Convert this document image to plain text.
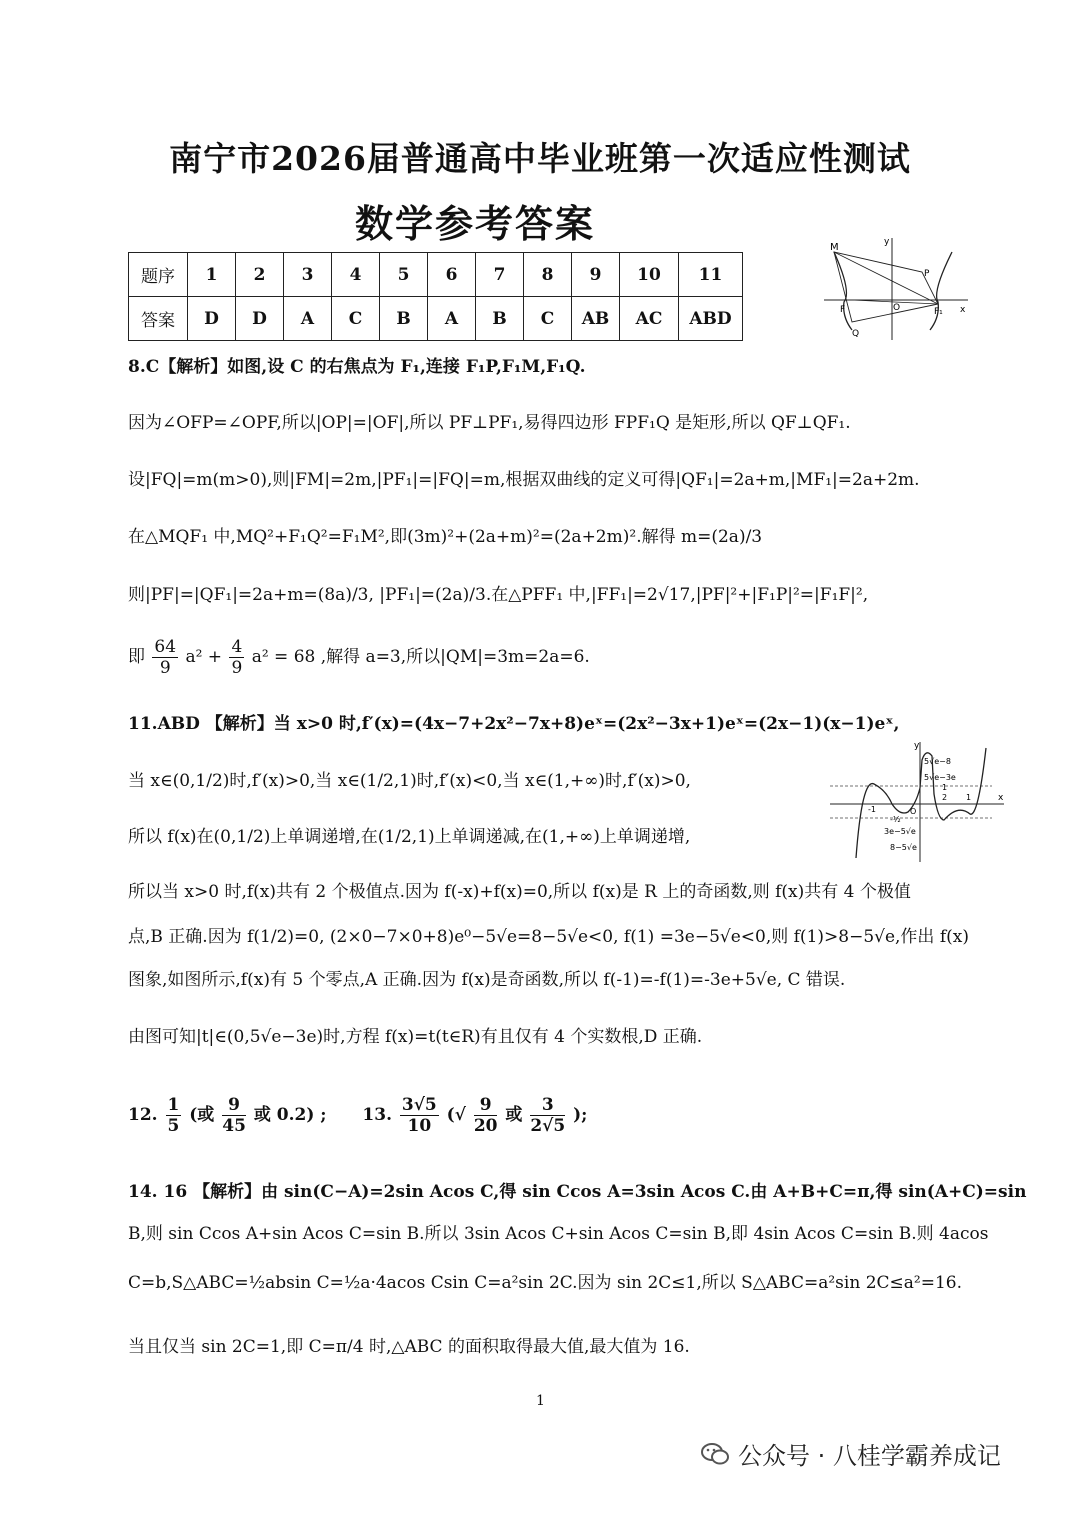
南宁市2026届普通高中毕业班第一次适应性测试
数学参考答案
题序	1	2	3	4	5	6	7	8	9	10	11
答案	D	D	A	C	B	A	B	C	AB	AC	ABD
M	y
P
F	O	F₁ x
Q
8.C【解析】如图,设 C 的右焦点为 F₁,连接 F₁P,F₁M,F₁Q.
因为∠OFP=∠OPF,所以|OP|=|OF|,所以 PF⊥PF₁,易得四边形 FPF₁Q 是矩形,所以 QF⊥QF₁.
设|FQ|=m(m>0),则|FM|=2m,|PF₁|=|FQ|=m,根据双曲线的定义可得|QF₁|=2a+m,|MF₁|=2a+2m.
在△MQF₁ 中,MQ²+F₁Q²=F₁M²,即(3m)²+(2a+m)²=(2a+2m)².解得 m=(2a)/3
则|PF|=|QF₁|=2a+m=(8a)/3, |PF₁|=(2a)/3.在△PFF₁ 中,|FF₁|=2√17,|PF|²+|F₁P|²=|F₁F|²,
即 $\frac{64}{9} a^2 + \frac{4}{9} a^2 = 68$ ,解得 a=3,所以|QM|=3m=2a=6.
y
5√e−8
5√e−3e
1
2
-1	O
1
-½
3e−5√e
8−5√e
x
11.ABD 【解析】当 x>0 时,f′(x)=(4x−7+2x²−7x+8)eˣ=(2x²−3x+1)eˣ=(2x−1)(x−1)eˣ,
当 x∈(0,1/2)时,f′(x)>0,当 x∈(1/2,1)时,f′(x)<0,当 x∈(1,+∞)时,f′(x)>0,
所以 f(x)在(0,1/2)上单调递增,在(1/2,1)上单调递减,在(1,+∞)上单调递增,
所以当 x>0 时,f(x)共有 2 个极值点.因为 f(-x)+f(x)=0,所以 f(x)是 R 上的奇函数,则 f(x)共有 4 个极值
点,B 正确.因为 f(1/2)=0, (2×0−7×0+8)e⁰−5√e=8−5√e<0, f(1) =3e−5√e<0,则 f(1)>8−5√e,作出 f(x)
图象,如图所示,f(x)有 5 个零点,A 正确.因为 f(x)是奇函数,所以 f(-1)=-f(1)=-3e+5√e, C 错误.
由图可知|t|∈(0,5√e−3e)时,方程 f(x)=t(t∈R)有且仅有 4 个实数根,D 正确.
12. $\frac{1}{5}$ (或 $\frac{9}{45}$ 或 0.2) ; 13. $\frac{3√5}{10}$ (√ $\frac{9}{20}$ 或 $\frac{3}{2√5}$ );
14. 16 【解析】由 sin(C−A)=2sin Acos C,得 sin Ccos A=3sin Acos C.由 A+B+C=π,得 sin(A+C)=sin
B,则 sin Ccos A+sin Acos C=sin B.所以 3sin Acos C+sin Acos C=sin B,即 4sin Acos C=sin B.则 4acos
C=b,S△ABC=½absin C=½a·4acos Csin C=a²sin 2C.因为 sin 2C≤1,所以 S△ABC=a²sin 2C≤a²=16.
当且仅当 sin 2C=1,即 C=π/4 时,△ABC 的面积取得最大值,最大值为 16.
1
公众号 · 八桂学霸养成记
